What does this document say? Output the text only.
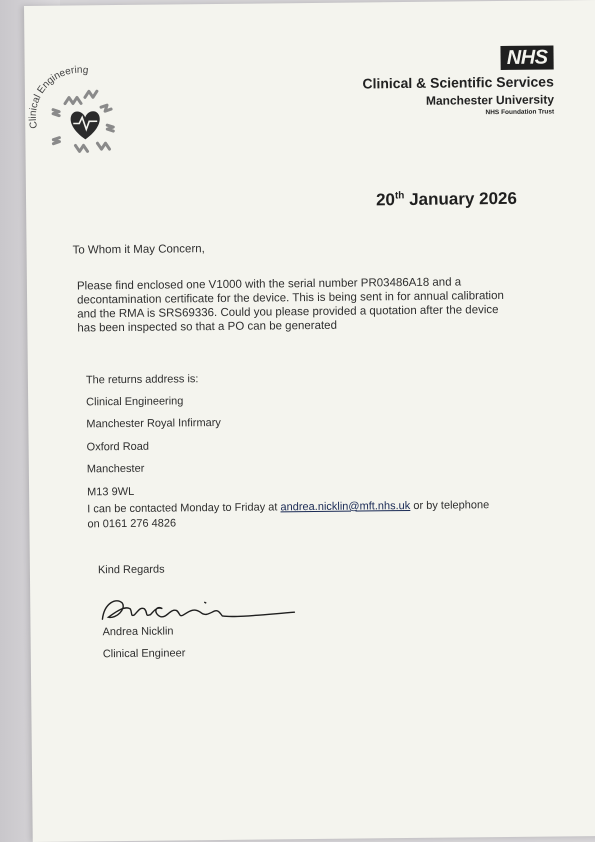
Clinical Engineering
NHS
Clinical & Scientific Services
Manchester University
NHS Foundation Trust
20th January 2026
To Whom it May Concern,
Please find enclosed one V1000 with the serial number PR03486A18 and a
decontamination certificate for the device. This is being sent in for annual calibration
and the RMA is SRS69336. Could you please provided a quotation after the device
has been inspected so that a PO can be generated
The returns address is:
Clinical Engineering
Manchester Royal Infirmary
Oxford Road
Manchester
M13 9WL
I can be contacted Monday to Friday at andrea.nicklin@mft.nhs.uk or by telephone
on 0161 276 4826
Kind Regards
Andrea Nicklin
Clinical Engineer
